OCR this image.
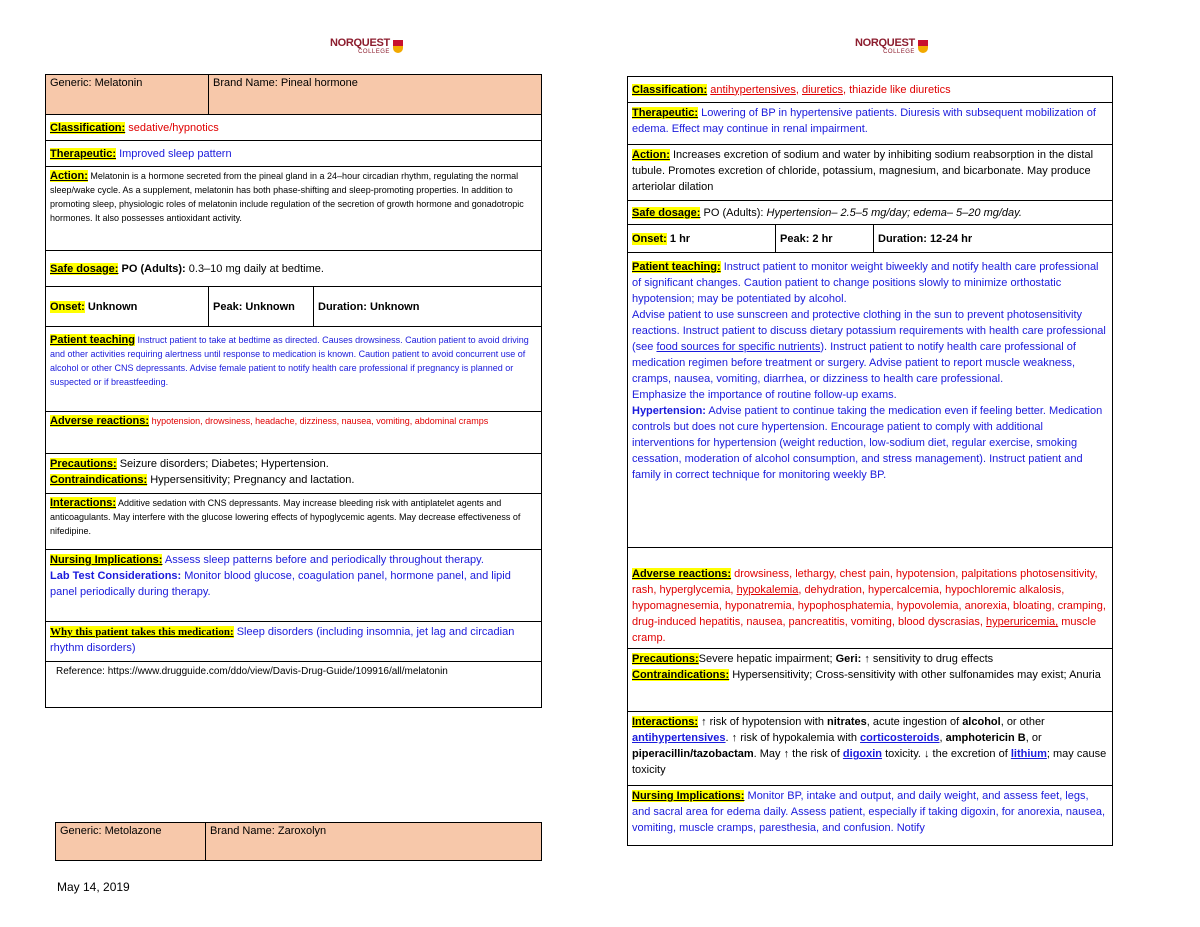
NORQUEST
COLLEGE
NORQUEST
COLLEGE
Generic: Melatonin	Brand Name: Pineal hormone	
Classification: sedative/hypnotics		
Therapeutic: Improved sleep pattern		
Action: Melatonin is a hormone secreted from the pineal gland in a 24–hour circadian rhythm, regulating the normal sleep/wake cycle. As a supplement, melatonin has both phase-shifting and sleep-promoting properties. In addition to promoting sleep, physiologic roles of melatonin include regulation of the secretion of growth hormone and gonadotropic hormones. It also possesses antioxidant activity.		
Safe dosage: PO (Adults): 0.3–10 mg daily at bedtime.		
Onset: Unknown	Peak: Unknown	Duration: Unknown
Patient teaching Instruct patient to take at bedtime as directed. Causes drowsiness. Caution patient to avoid driving and other activities requiring alertness until response to medication is known. Caution patient to avoid concurrent use of alcohol or other CNS depressants. Advise female patient to notify health care professional if pregnancy is planned or suspected or if breastfeeding.		
Adverse reactions: hypotension, drowsiness, headache, dizziness, nausea, vomiting, abdominal cramps		

Precautions: Seizure disorders; Diabetes; Hypertension.
Contraindications: Hypersensitivity; Pregnancy and lactation.		

Interactions: Additive sedation with CNS depressants. May increase bleeding risk with antiplatelet agents and anticoagulants. May interfere with the glucose lowering effects of hypoglycemic agents. May decrease effectiveness of nifedipine.		
Nursing Implications: Assess sleep patterns before and periodically throughout therapy.
Lab Test Considerations: Monitor blood glucose, coagulation panel, hormone panel, and lipid panel periodically during therapy.		
Why this patient takes this medication: Sleep disorders (including insomnia, jet lag and circadian rhythm disorders)		
Reference: https://www.drugguide.com/ddo/view/Davis-Drug-Guide/109916/all/melatonin		
Generic: Metolazone	Brand Name: Zaroxolyn
May 14, 2019
Classification: antihypertensives, diuretics, thiazide like diuretics
Therapeutic: Lowering of BP in hypertensive patients. Diuresis with subsequent mobilization of edema. Effect may continue in renal impairment.
Action: Increases excretion of sodium and water by inhibiting sodium reabsorption in the distal tubule. Promotes excretion of chloride, potassium, magnesium, and bicarbonate. May produce arteriolar dilation
Safe dosage: PO (Adults): Hypertension– 2.5–5 mg/day; edema– 5–20 mg/day.
Onset: 1 hr	Peak: 2 hr	Duration: 12-24 hr
Patient teaching: Instruct patient to monitor weight biweekly and notify health care professional of significant changes. Caution patient to change positions slowly to minimize orthostatic hypotension; may be potentiated by alcohol.
Advise patient to use sunscreen and protective clothing in the sun to prevent photosensitivity reactions. Instruct patient to discuss dietary potassium requirements with health care professional (see food sources for specific nutrients). Instruct patient to notify health care professional of medication regimen before treatment or surgery. Advise patient to report muscle weakness, cramps, nausea, vomiting, diarrhea, or dizziness to health care professional.
Emphasize the importance of routine follow-up exams.
Hypertension: Advise patient to continue taking the medication even if feeling better. Medication controls but does not cure hypertension. Encourage patient to comply with additional interventions for hypertension (weight reduction, low-sodium diet, regular exercise, smoking cessation, moderation of alcohol consumption, and stress management). Instruct patient and family in correct technique for monitoring weekly BP.
Adverse reactions: drowsiness, lethargy, chest pain, hypotension, palpitations photosensitivity, rash, hyperglycemia, hypokalemia, dehydration, hypercalcemia, hypochloremic alkalosis, hypomagnesemia, hyponatremia, hypophosphatemia, hypovolemia, anorexia, bloating, cramping, drug-induced hepatitis, nausea, pancreatitis, vomiting, blood dyscrasias, hyperuricemia, muscle cramp.

Precautions:Severe hepatic impairment; Geri: ↑ sensitivity to drug effects
Contraindications: Hypersensitivity; Cross-sensitivity with other sulfonamides may exist; Anuria

Interactions: ↑ risk of hypotension with nitrates, acute ingestion of alcohol, or other antihypertensives. ↑ risk of hypokalemia with corticosteroids, amphotericin B, or piperacillin/tazobactam. May ↑ the risk of digoxin toxicity. ↓ the excretion of lithium; may cause toxicity
Nursing Implications: Monitor BP, intake and output, and daily weight, and assess feet, legs, and sacral area for edema daily. Assess patient, especially if taking digoxin, for anorexia, nausea, vomiting, muscle cramps, paresthesia, and confusion. Notify
